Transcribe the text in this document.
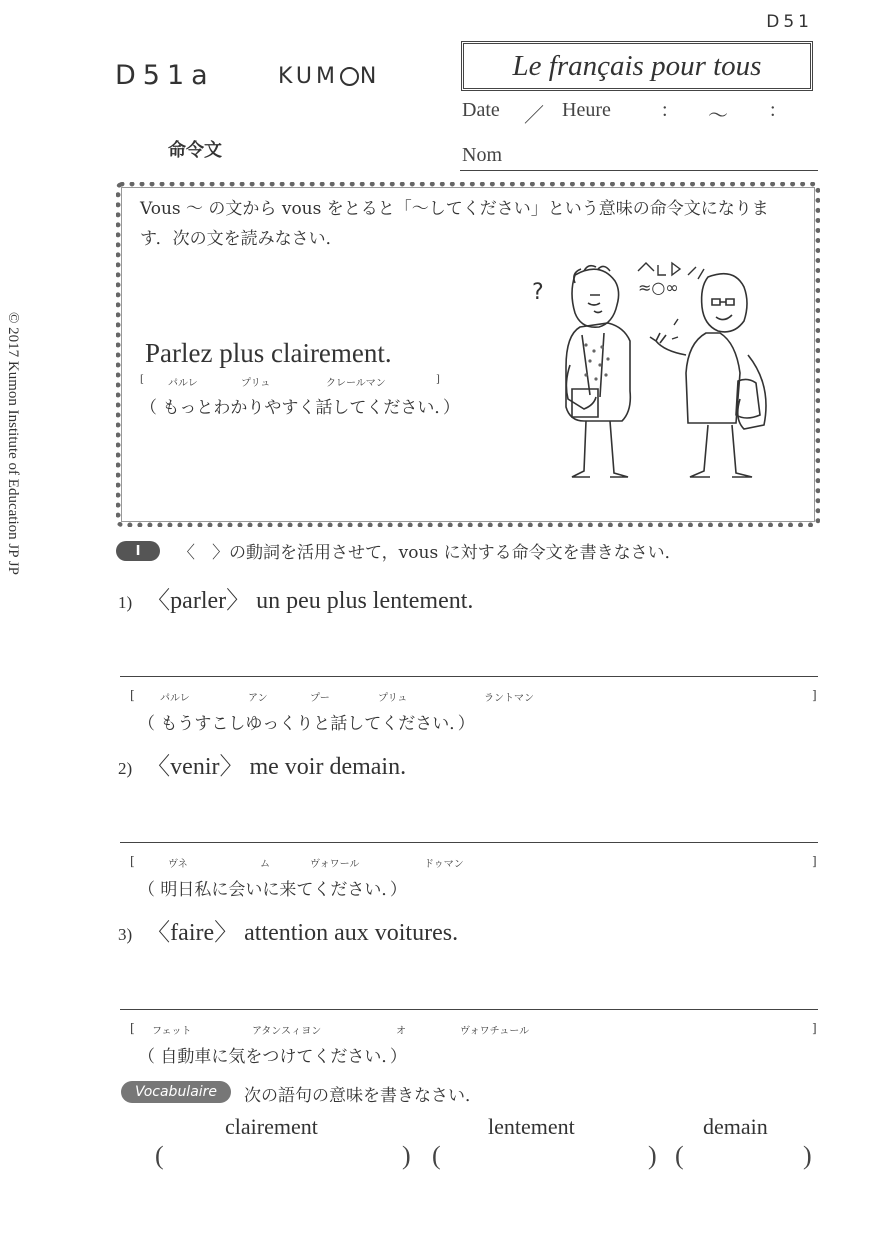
D51
D51a	KUM N	Le français pour tous
Date ／ Heure	: 〜 :
Nom
命令文
© 2017 Kumon Institute of Education JP JP
Vous 〜 の文から vous をとると「〜してください」という意味の命令文になります．次の文を読みなさい．
Parlez plus clairement.
[ パルレ	プリュ	クレールマン	]
（ もっとわかりやすく話してください．）
?	≈○∞
I	〈　〉の動詞を活用させて，vous に対する命令文を書きなさい．
1) 〈parler〉 un peu plus lentement.
[	パルレ	アン	プー	プリュ	ラントマン	]
（ もうすこしゆっくりと話してください．）
2) 〈venir〉 me voir demain.
[	ヴネ	ム	ヴォワール	ドゥマン	]
（ 明日私に会いに来てください．）
3) 〈faire〉 attention aux voitures.
[ フェット	アタンスィヨン	オ	ヴォワチュール	]
（ 自動車に気をつけてください．）
Vocabulaire	次の語句の意味を書きなさい．
clairement	lentement	demain
(	) (	) (	)
